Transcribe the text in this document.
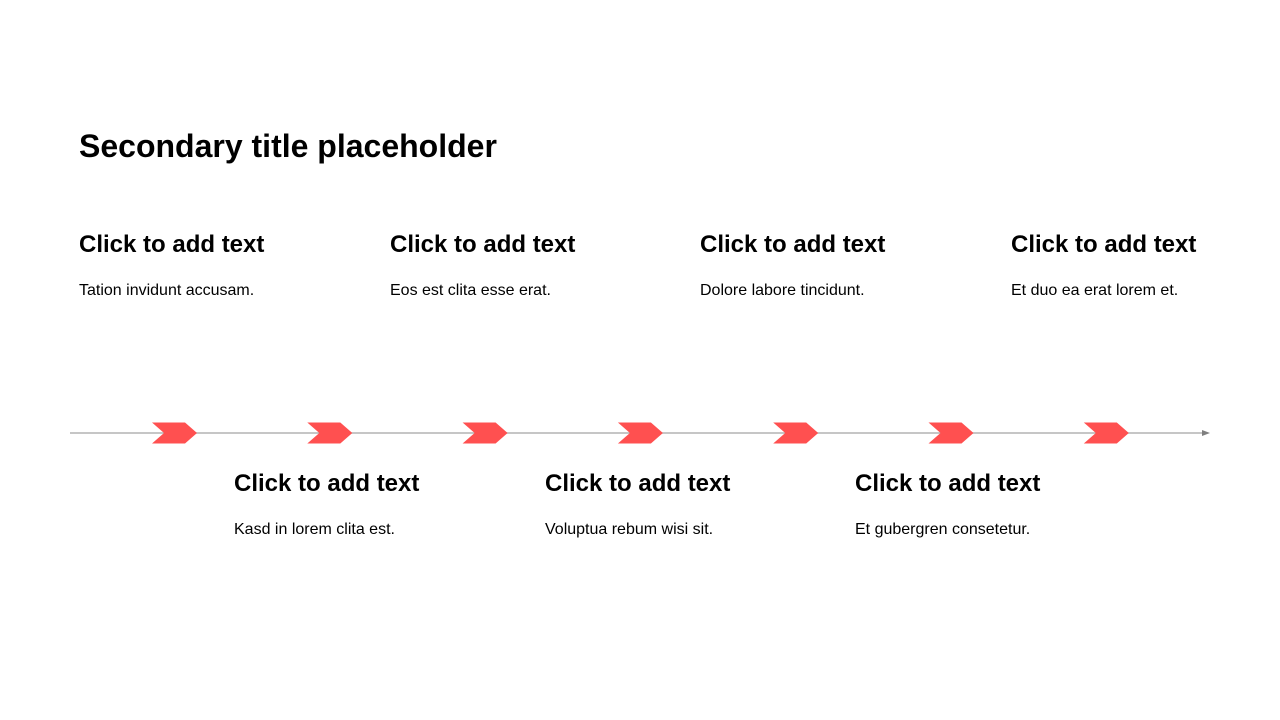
Secondary title placeholder
Click to add text

Tation invidunt accusam.

Click to add text

Eos est clita esse erat.

Click to add text

Dolore labore tincidunt.

Click to add text

Et duo ea erat lorem et.

Click to add text

Kasd in lorem clita est.

Click to add text

Voluptua rebum wisi sit.

Click to add text

Et gubergren consetetur.
